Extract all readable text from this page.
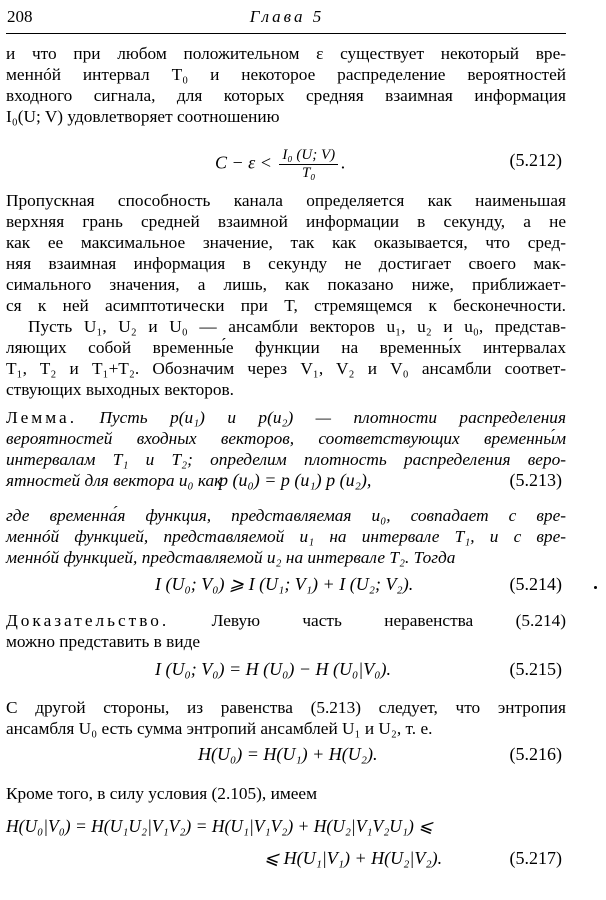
208	Глава 5

и что при любом положительном ε существует некоторый вре-
меннóй интервал T₀ и некоторое распределение вероятностей
входного сигнала, для которых средняя взаимная информация
I₀(U; V) удовлетворяет соотношению

$C - \varepsilon < \frac{\text{I₀ (U; V)}}{\text{T₀}}$ .	(5.212)

Пропускная способность канала определяется как наименьшая
верхняя грань средней взаимной информации в секунду, а не
как ее максимальное значение, так как оказывается, что сред-
няя взаимная информация в секунду не достигает своего мак-
симального значения, а лишь, как показано ниже, приближает-
ся к ней асимптотически при T, стремящемся к бесконечности.

Пусть U₁, U₂ и U₀ — ансамбли векторов u₁, u₂ и u₀, представ-
ляющих собой временны́е функции на временны́х интервалах
T₁, T₂ и T₁+T₂. Обозначим через V₁, V₂ и V₀ ансамбли соответ-
ствующих выходных векторов.

Лемма. Пусть p(u₁) и p(u₂) — плотности распределения
вероятностей входных векторов, соответствующих временны́м
интервалам T₁ и T₂; определим плотность распределения веро-
ятностей для вектора u₀ как

p (u₀) = p (u₁) p (u₂),	(5.213)

где временна́я функция, представляемая u₀, совпадает с вре-
меннóй функцией, представляемой u₁ на интервале T₁, и с вре-
меннóй функцией, представляемой u₂ на интервале T₂. Тогда

I (U₀; V₀) ⩾ I (U₁; V₁) + I (U₂; V₂).	(5.214)

Доказательство. Левую часть неравенства (5.214)
можно представить в виде

I (U₀; V₀) = H (U₀) − H (U₀|V₀).	(5.215)

С другой стороны, из равенства (5.213) следует, что энтропия
ансамбля U₀ есть сумма энтропий ансамблей U₁ и U₂, т. е.

H(U₀) = H(U₁) + H(U₂).	(5.216)

Кроме того, в силу условия (2.105), имеем

H(U₀|V₀) = H(U₁U₂|V₁V₂) = H(U₁|V₁V₂) + H(U₂|V₁V₂U₁) ⩽
⩽ H(U₁|V₁) + H(U₂|V₂).	(5.217)
